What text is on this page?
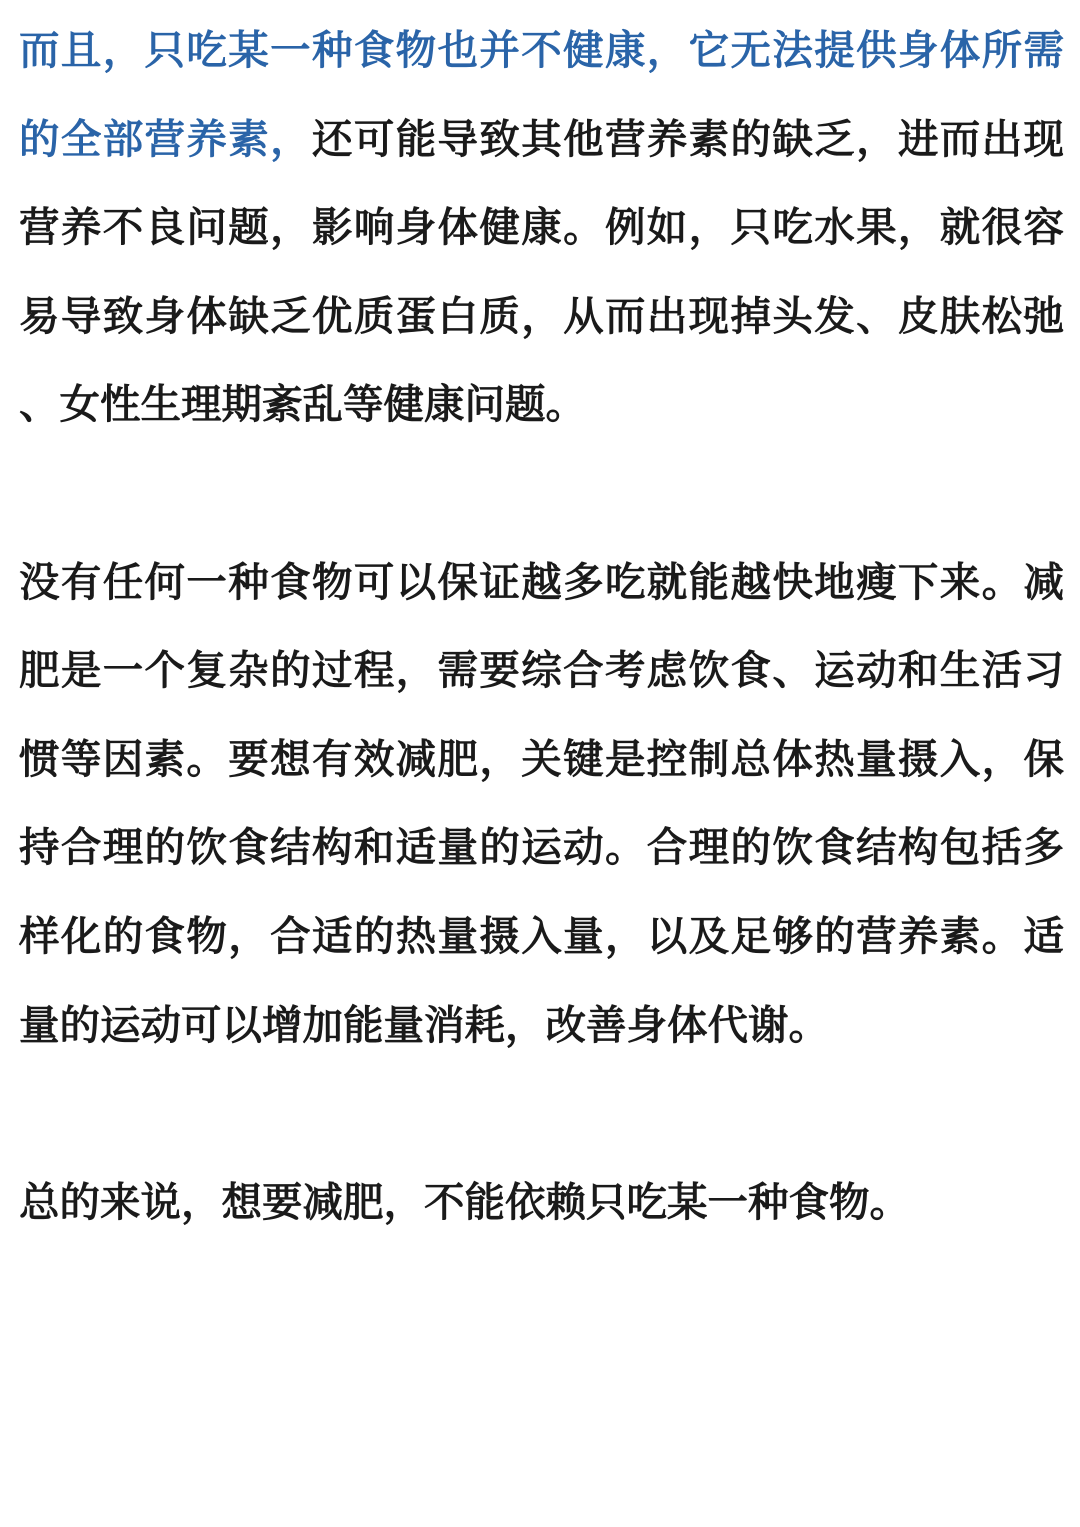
而且，只吃某一种食物也并不健康，它无法提供身体所需的全部营养素，还可能导致其他营养素的缺乏，进而出现营养不良问题，影响身体健康。例如，只吃水果，就很容易导致身体缺乏优质蛋白质，从而出现掉头发、皮肤松弛、女性生理期紊乱等健康问题。

没有任何一种食物可以保证越多吃就能越快地瘦下来。减肥是一个复杂的过程，需要综合考虑饮食、运动和生活习惯等因素。要想有效减肥，关键是控制总体热量摄入，保持合理的饮食结构和适量的运动。合理的饮食结构包括多样化的食物，合适的热量摄入量，以及足够的营养素。适量的运动可以增加能量消耗，改善身体代谢。

总的来说，想要减肥，不能依赖只吃某一种食物。
